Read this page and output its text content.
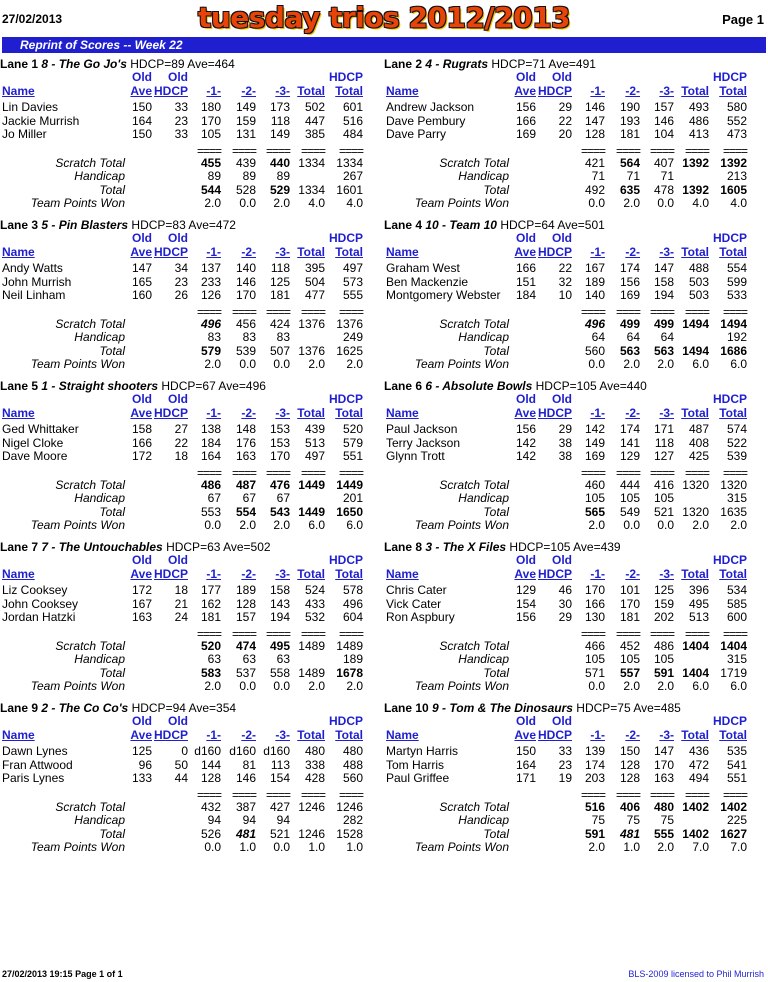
27/02/2013	tuesday trios 2012/2013	Page 1
Reprint of Scores -- Week 22
Lane 1 8 - The Go Jo's HDCP=89 Ave=464
Old	Old	HDCP
Name	Ave HDCP	-1-	-2-	-3- Total Total
Lin Davies	150	33	180	149	173	502	601
Jackie Murrish	164	23	170	159	118	447	516
Jo Miller	150	33	105	131	149	385	484
==== ==== ==== ====	====
Scratch Total	455	439	440 1334 1334
Handicap	89	89	89	267
Total	544	528	529 1334 1601
Team Points Won	2.0	0.0	2.0	4.0	4.0
Lane 2 4 - Rugrats HDCP=71 Ave=491
Old	Old	HDCP
Name	Ave HDCP	-1-	-2-	-3- Total Total
Andrew Jackson	156	29	146	190	157	493	580
Dave Pembury	166	22	147	193	146	486	552
Dave Parry	169	20	128	181	104	413	473
==== ==== ==== ====	====
Scratch Total	421	564	407 1392 1392
Handicap	71	71	71	213
Total	492	635	478 1392 1605
Team Points Won	0.0	2.0	0.0	4.0	4.0
Lane 3 5 - Pin Blasters HDCP=83 Ave=472
Old	Old	HDCP
Name	Ave HDCP	-1-	-2-	-3- Total Total
Andy Watts	147	34	137	140	118	395	497
John Murrish	165	23	233	146	125	504	573
Neil Linham	160	26	126	170	181	477	555
==== ==== ==== ====	====
Scratch Total	496	456	424 1376 1376
Handicap	83	83	83	249
Total	579	539	507 1376 1625
Team Points Won	2.0	0.0	0.0	2.0	2.0
Lane 4 10 - Team 10 HDCP=64 Ave=501
Old	Old	HDCP
Name	Ave HDCP	-1-	-2-	-3- Total Total
Graham West	166	22	167	174	147	488	554
Ben Mackenzie	151	32	189	156	158	503	599
Montgomery Webster	184	10	140	169	194	503	533
==== ==== ==== ====	====
Scratch Total	496	499	499 1494 1494
Handicap	64	64	64	192
Total	560	563	563 1494 1686
Team Points Won	0.0	2.0	2.0	6.0	6.0
Lane 5 1 - Straight shooters HDCP=67 Ave=496
Old	Old	HDCP
Name	Ave HDCP	-1-	-2-	-3- Total Total
Ged Whittaker	158	27	138	148	153	439	520
Nigel Cloke	166	22	184	176	153	513	579
Dave Moore	172	18	164	163	170	497	551
==== ==== ==== ====	====
Scratch Total	486	487	476 1449 1449
Handicap	67	67	67	201
Total	553	554	543 1449 1650
Team Points Won	0.0	2.0	2.0	6.0	6.0
Lane 6 6 - Absolute Bowls HDCP=105 Ave=440
Old	Old	HDCP
Name	Ave HDCP	-1-	-2-	-3- Total Total
Paul Jackson	156	29	142	174	171	487	574
Terry Jackson	142	38	149	141	118	408	522
Glynn Trott	142	38	169	129	127	425	539
==== ==== ==== ====	====
Scratch Total	460	444	416 1320 1320
Handicap	105	105	105	315
Total	565	549	521 1320 1635
Team Points Won	2.0	0.0	0.0	2.0	2.0
Lane 7 7 - The Untouchables HDCP=63 Ave=502
Old	Old	HDCP
Name	Ave HDCP	-1-	-2-	-3- Total Total
Liz Cooksey	172	18	177	189	158	524	578
John Cooksey	167	21	162	128	143	433	496
Jordan Hatzki	163	24	181	157	194	532	604
==== ==== ==== ====	====
Scratch Total	520	474	495 1489 1489
Handicap	63	63	63	189
Total	583	537	558 1489 1678
Team Points Won	2.0	0.0	0.0	2.0	2.0
Lane 8 3 - The X Files HDCP=105 Ave=439
Old	Old	HDCP
Name	Ave HDCP	-1-	-2-	-3- Total Total
Chris Cater	129	46	170	101	125	396	534
Vick Cater	154	30	166	170	159	495	585
Ron Aspbury	156	29	130	181	202	513	600
==== ==== ==== ====	====
Scratch Total	466	452	486 1404 1404
Handicap	105	105	105	315
Total	571	557	591 1404 1719
Team Points Won	0.0	2.0	2.0	6.0	6.0
Lane 9 2 - The Co Co's HDCP=94 Ave=354
Old	Old	HDCP
Name	Ave HDCP	-1-	-2-	-3- Total Total
Dawn Lynes	125	0 d160 d160 d160	480	480
Fran Attwood	96	50	144	81	113	338	488
Paris Lynes	133	44	128	146	154	428	560
==== ==== ==== ====	====
Scratch Total	432	387	427 1246 1246
Handicap	94	94	94	282
Total	526	481	521 1246 1528
Team Points Won	0.0	1.0	0.0	1.0	1.0
Lane 10 9 - Tom & The Dinosaurs HDCP=75 Ave=485
Old	Old	HDCP
Name	Ave HDCP	-1-	-2-	-3- Total Total
Martyn Harris	150	33	139	150	147	436	535
Tom Harris	164	23	174	128	170	472	541
Paul Griffee	171	19	203	128	163	494	551
==== ==== ==== ====	====
Scratch Total	516	406	480 1402 1402
Handicap	75	75	75	225
Total	591	481	555 1402 1627
Team Points Won	2.0	1.0	2.0	7.0	7.0
27/02/2013 19:15 Page 1 of 1	BLS-2009 licensed to Phil Murrish
